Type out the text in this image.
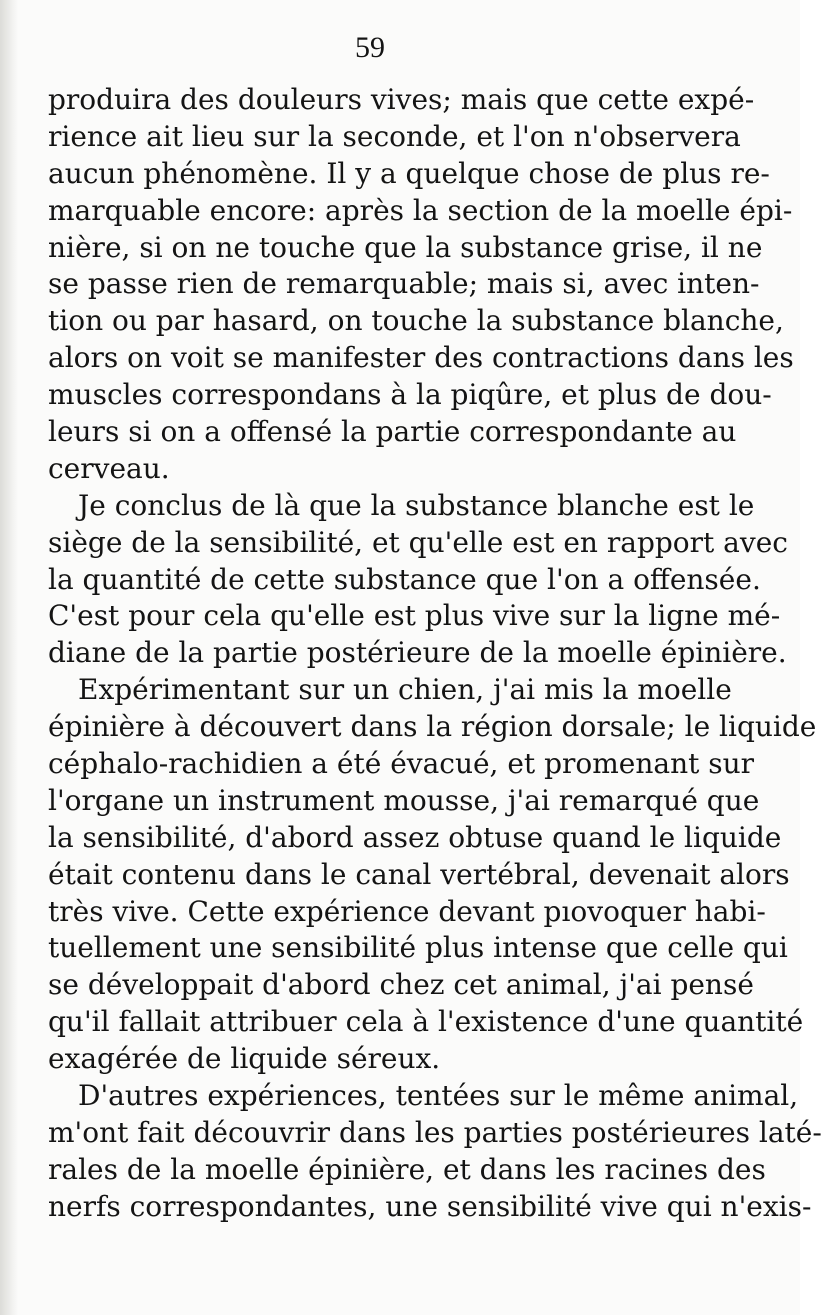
59
produira des douleurs vives; mais que cette expé-
rience ait lieu sur la seconde, et l'on n'observera
aucun phénomène. Il y a quelque chose de plus re-
marquable encore: après la section de la moelle épi-
nière, si on ne touche que la substance grise, il ne
se passe rien de remarquable; mais si, avec inten-
tion ou par hasard, on touche la substance blanche,
alors on voit se manifester des contractions dans les
muscles correspondans à la piqûre, et plus de dou-
leurs si on a offensé la partie correspondante au
cerveau.
Je conclus de là que la substance blanche est le
siège de la sensibilité, et qu'elle est en rapport avec
la quantité de cette substance que l'on a offensée.
C'est pour cela qu'elle est plus vive sur la ligne mé-
diane de la partie postérieure de la moelle épinière.
Expérimentant sur un chien, j'ai mis la moelle
épinière à découvert dans la région dorsale; le liquide
céphalo-rachidien a été évacué, et promenant sur
l'organe un instrument mousse, j'ai remarqué que
la sensibilité, d'abord assez obtuse quand le liquide
était contenu dans le canal vertébral, devenait alors
très vive. Cette expérience devant pıovoquer habi-
tuellement une sensibilité plus intense que celle qui
se développait d'abord chez cet animal, j'ai pensé
qu'il fallait attribuer cela à l'existence d'une quantité
exagérée de liquide séreux.
D'autres expériences, tentées sur le même animal,
m'ont fait découvrir dans les parties postérieures laté-
rales de la moelle épinière, et dans les racines des
nerfs correspondantes, une sensibilité vive qui n'exis-
